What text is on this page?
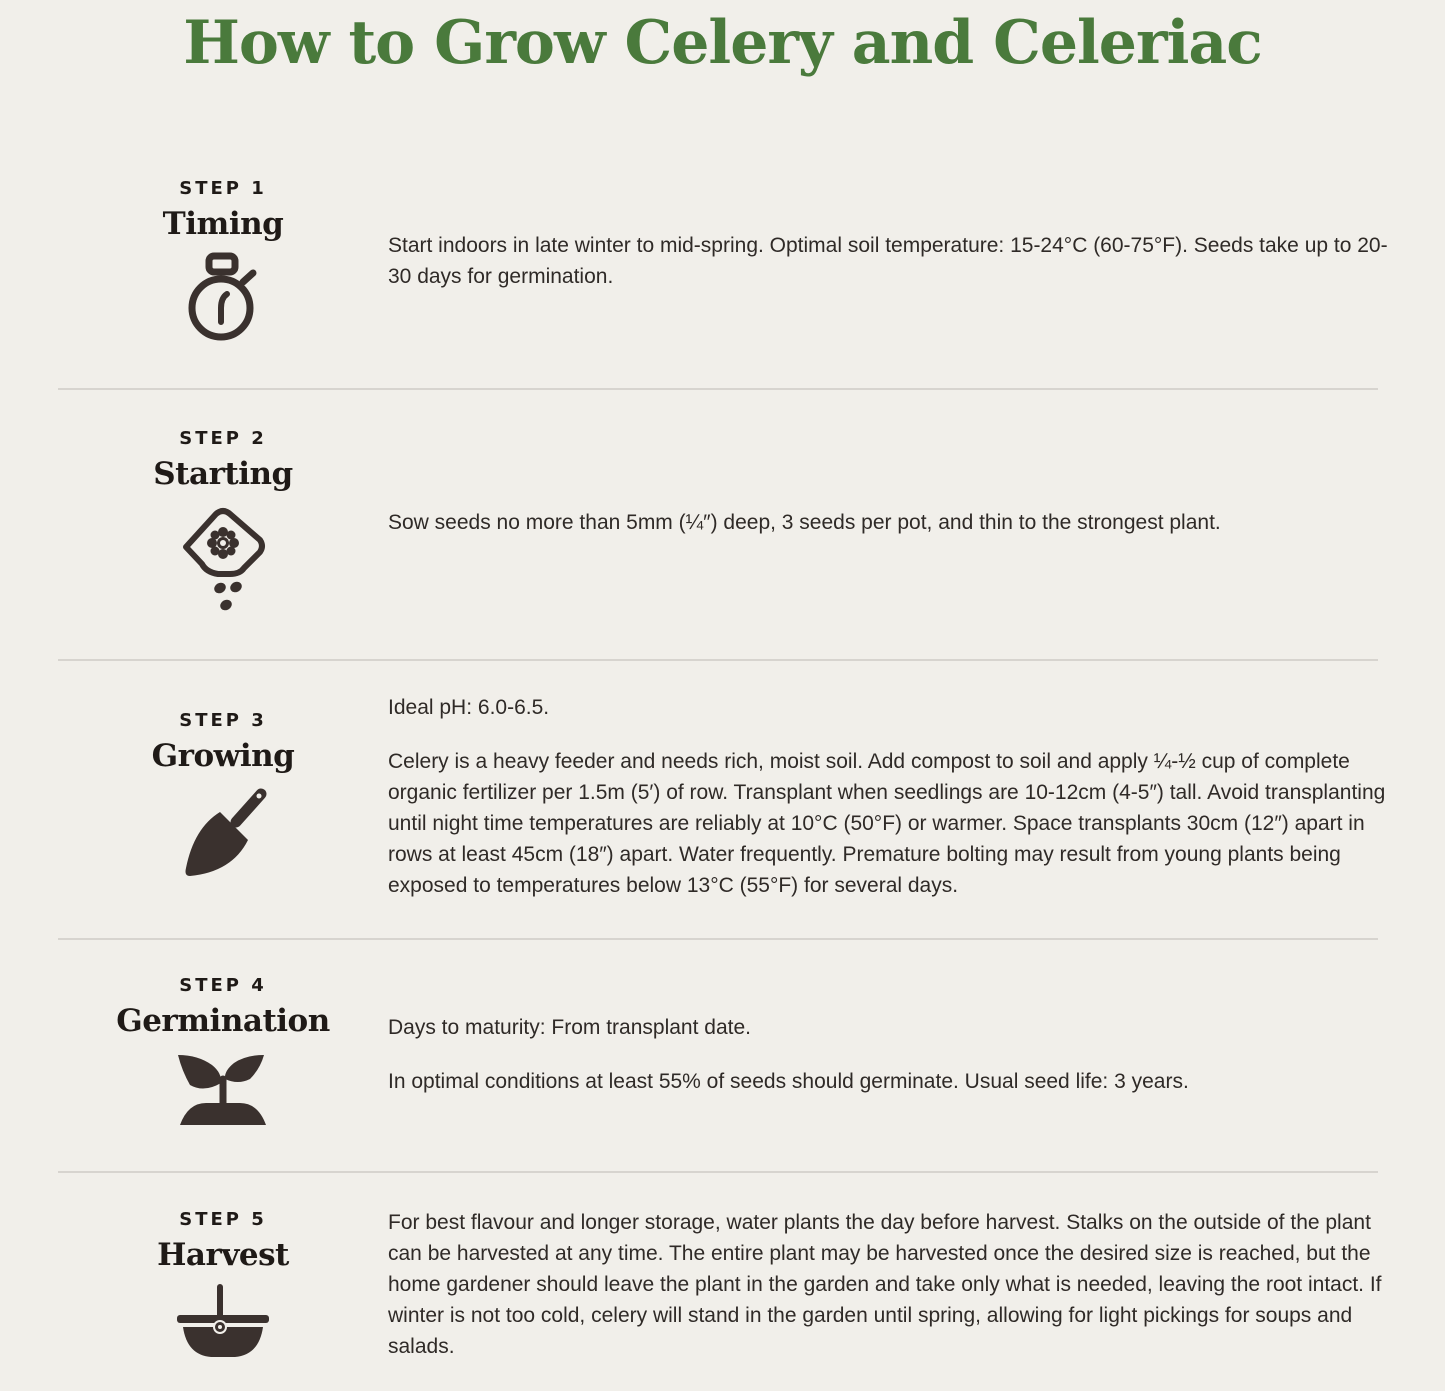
How to Grow Celery and Celeriac
STEP 1
Timing

Start indoors in late winter to mid-spring. Optimal soil temperature: 15-24°C (60-75°F). Seeds take up to 20-30 days for germination.

STEP 2
Starting

Sow seeds no more than 5mm (¼″) deep, 3 seeds per pot, and thin to the strongest plant.

STEP 3
Growing

Ideal pH: 6.0-6.5.

Celery is a heavy feeder and needs rich, moist soil. Add compost to soil and apply ¼-½ cup of complete organic fertilizer per 1.5m (5′) of row. Transplant when seedlings are 10-12cm (4-5″) tall. Avoid transplanting until night time temperatures are reliably at 10°C (50°F) or warmer. Space transplants 30cm (12″) apart in rows at least 45cm (18″) apart. Water frequently. Premature bolting may result from young plants being exposed to temperatures below 13°C (55°F) for several days.

STEP 4
Germination	Days to maturity: From transplant date.

In optimal conditions at least 55% of seeds should germinate. Usual seed life: 3 years.

STEP 5
Harvest

For best flavour and longer storage, water plants the day before harvest. Stalks on the outside of the plant can be harvested at any time. The entire plant may be harvested once the desired size is reached, but the home gardener should leave the plant in the garden and take only what is needed, leaving the root intact. If winter is not too cold, celery will stand in the garden until spring, allowing for light pickings for soups and salads.
